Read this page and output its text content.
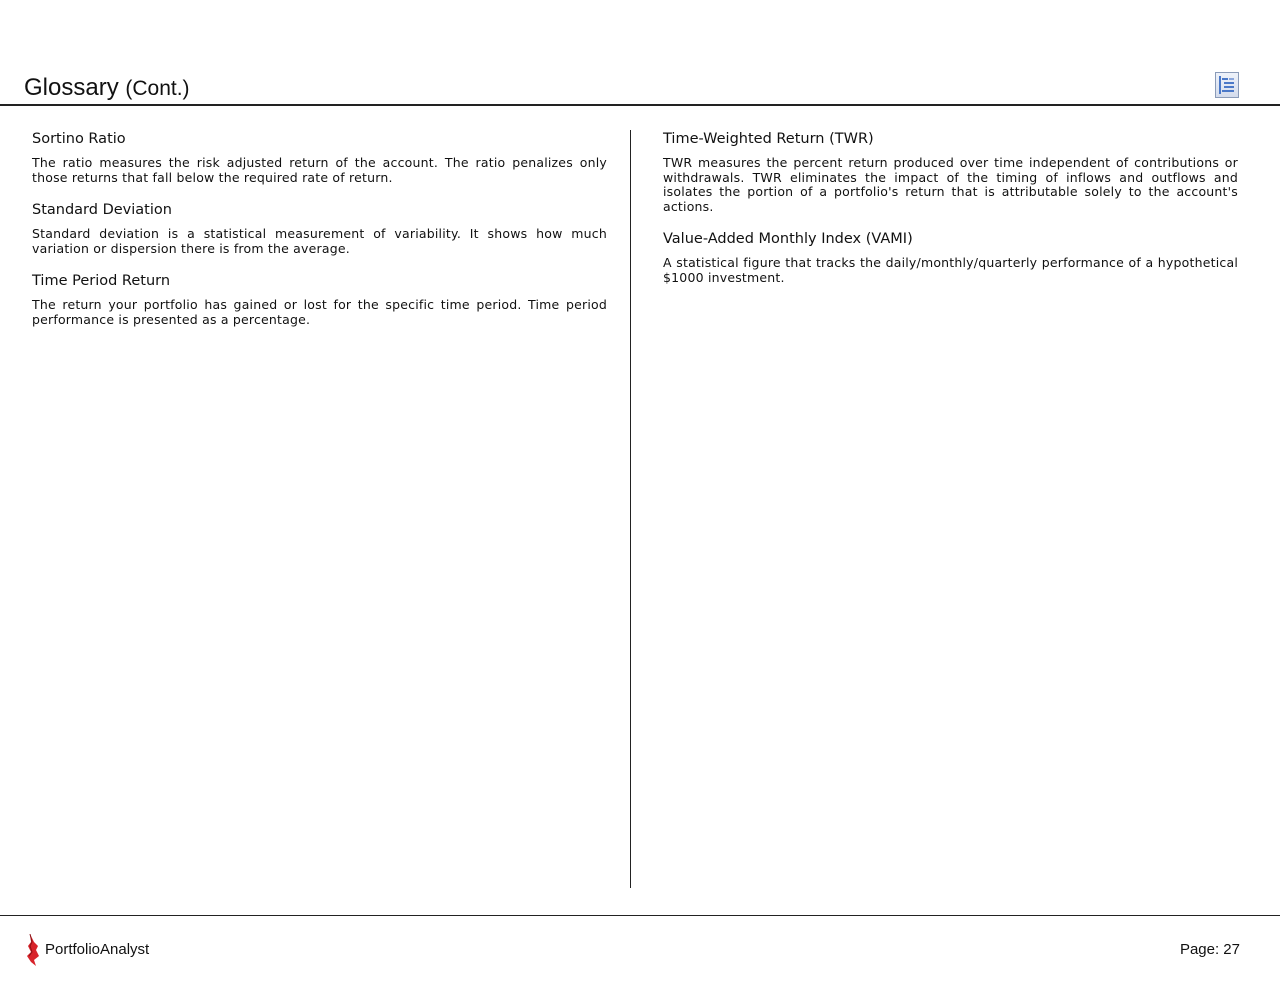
Glossary (Cont.)
Sortino Ratio
The ratio measures the risk adjusted return of the account. The ratio penalizes only those returns that fall below the required rate of return.
Standard Deviation
Standard deviation is a statistical measurement of variability. It shows how much variation or dispersion there is from the average.
Time Period Return
The return your portfolio has gained or lost for the specific time period. Time period performance is presented as a percentage.
Time-Weighted Return (TWR)
TWR measures the percent return produced over time independent of contributions or withdrawals. TWR eliminates the impact of the timing of inflows and outflows and isolates the portion of a portfolio's return that is attributable solely to the account's actions.
Value-Added Monthly Index (VAMI)
A statistical figure that tracks the daily/monthly/quarterly performance of a hypothetical $1000 investment.
PortfolioAnalyst	Page: 27
